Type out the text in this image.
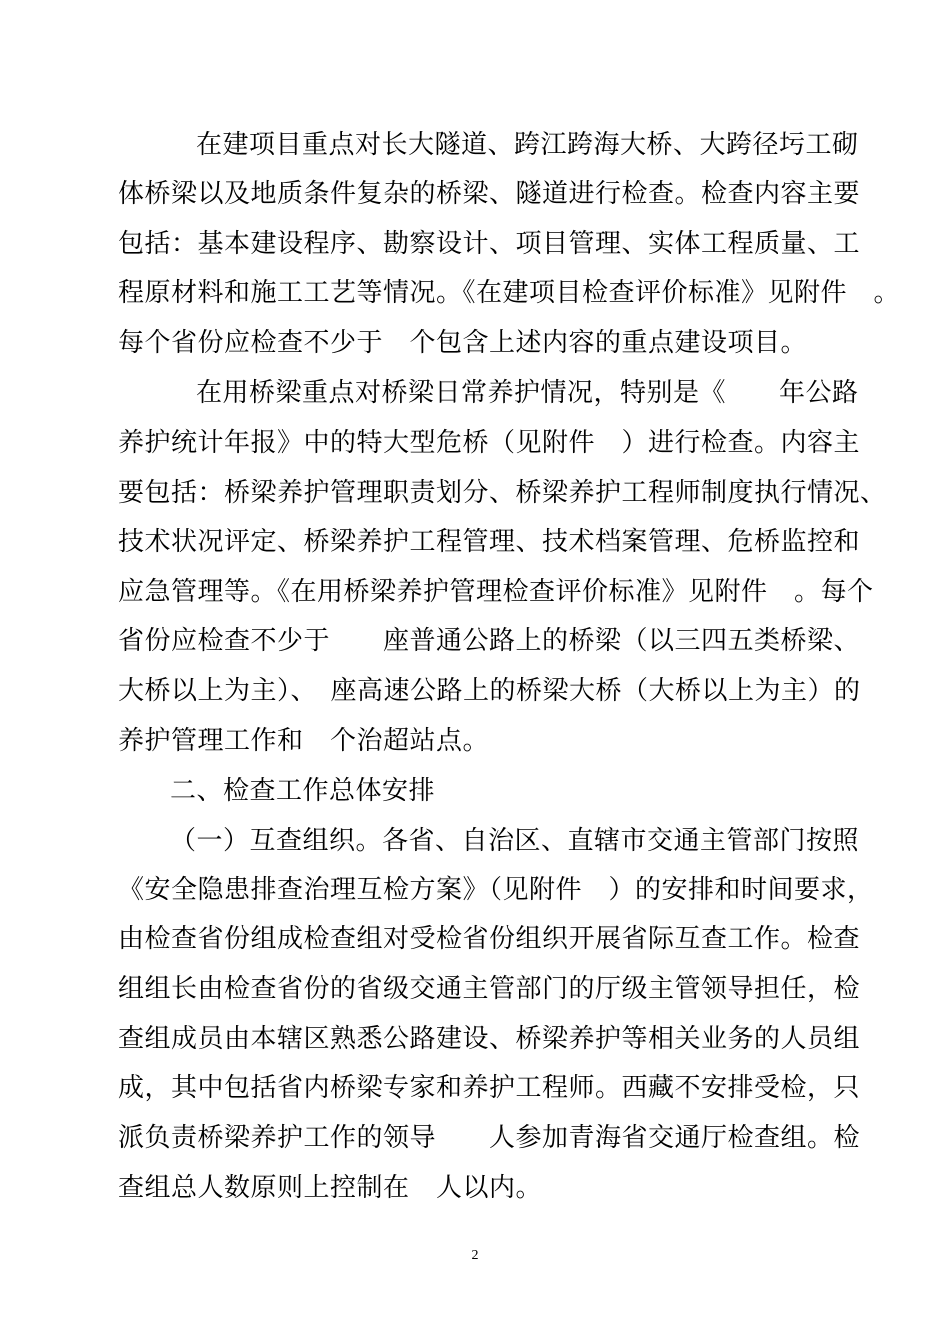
在建项目重点对长大隧道、跨江跨海大桥、大跨径圬工砌
体桥梁以及地质条件复杂的桥梁、隧道进行检查。检查内容主要
包括：基本建设程序、勘察设计、项目管理、实体工程质量、工
程原材料和施工工艺等情况。《在建项目检查评价标准》见附件　。
每个省份应检查不少于　个包含上述内容的重点建设项目。
在用桥梁重点对桥梁日常养护情况，特别是《　　年公路
养护统计年报》中的特大型危桥（见附件　）进行检查。内容主
要包括：桥梁养护管理职责划分、桥梁养护工程师制度执行情况、
技术状况评定、桥梁养护工程管理、技术档案管理、危桥监控和
应急管理等。《在用桥梁养护管理检查评价标准》见附件　。每个
省份应检查不少于　　座普通公路上的桥梁（以三四五类桥梁、
大桥以上为主）、　座高速公路上的桥梁大桥（大桥以上为主）的
养护管理工作和　个治超站点。
二、检查工作总体安排
（一）互查组织。各省、自治区、直辖市交通主管部门按照
《安全隐患排查治理互检方案》（见附件　）的安排和时间要求，
由检查省份组成检查组对受检省份组织开展省际互查工作。检查
组组长由检查省份的省级交通主管部门的厅级主管领导担任，检
查组成员由本辖区熟悉公路建设、桥梁养护等相关业务的人员组
成，其中包括省内桥梁专家和养护工程师。西藏不安排受检，只
派负责桥梁养护工作的领导　　人参加青海省交通厅检查组。检
查组总人数原则上控制在　人以内。
2
